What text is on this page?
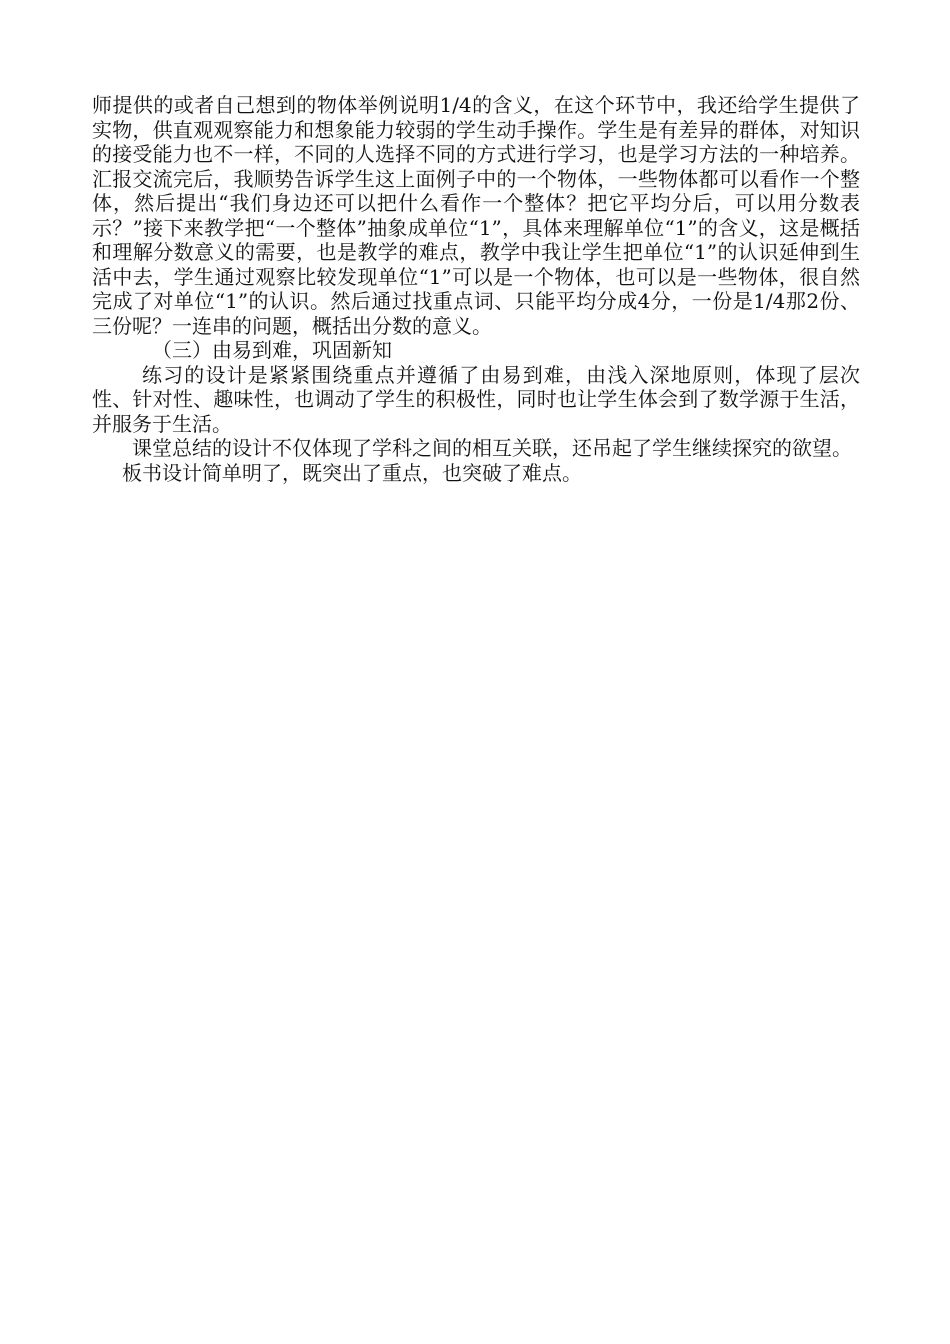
师提供的或者自己想到的物体举例说明1/4的含义，在这个环节中，我还给学生提供了实物，供直观观察能力和想象能力较弱的学生动手操作。学生是有差异的群体，对知识的接受能力也不一样，不同的人选择不同的方式进行学习，也是学习方法的一种培养。汇报交流完后，我顺势告诉学生这上面例子中的一个物体，一些物体都可以看作一个整体，然后提出“我们身边还可以把什么看作一个整体？把它平均分后，可以用分数表示？”接下来教学把“一个整体”抽象成单位“1”，具体来理解单位“1”的含义，这是概括和理解分数意义的需要，也是教学的难点，教学中我让学生把单位“1”的认识延伸到生活中去，学生通过观察比较发现单位“1”可以是一个物体，也可以是一些物体，很自然完成了对单位“1”的认识。然后通过找重点词、只能平均分成4分，一份是1/4那2份、三份呢？一连串的问题，概括出分数的意义。

（三）由易到难，巩固新知

练习的设计是紧紧围绕重点并遵循了由易到难，由浅入深地原则，体现了层次性、针对性、趣味性，也调动了学生的积极性，同时也让学生体会到了数学源于生活，并服务于生活。

课堂总结的设计不仅体现了学科之间的相互关联，还吊起了学生继续探究的欲望。

板书设计简单明了，既突出了重点，也突破了难点。
